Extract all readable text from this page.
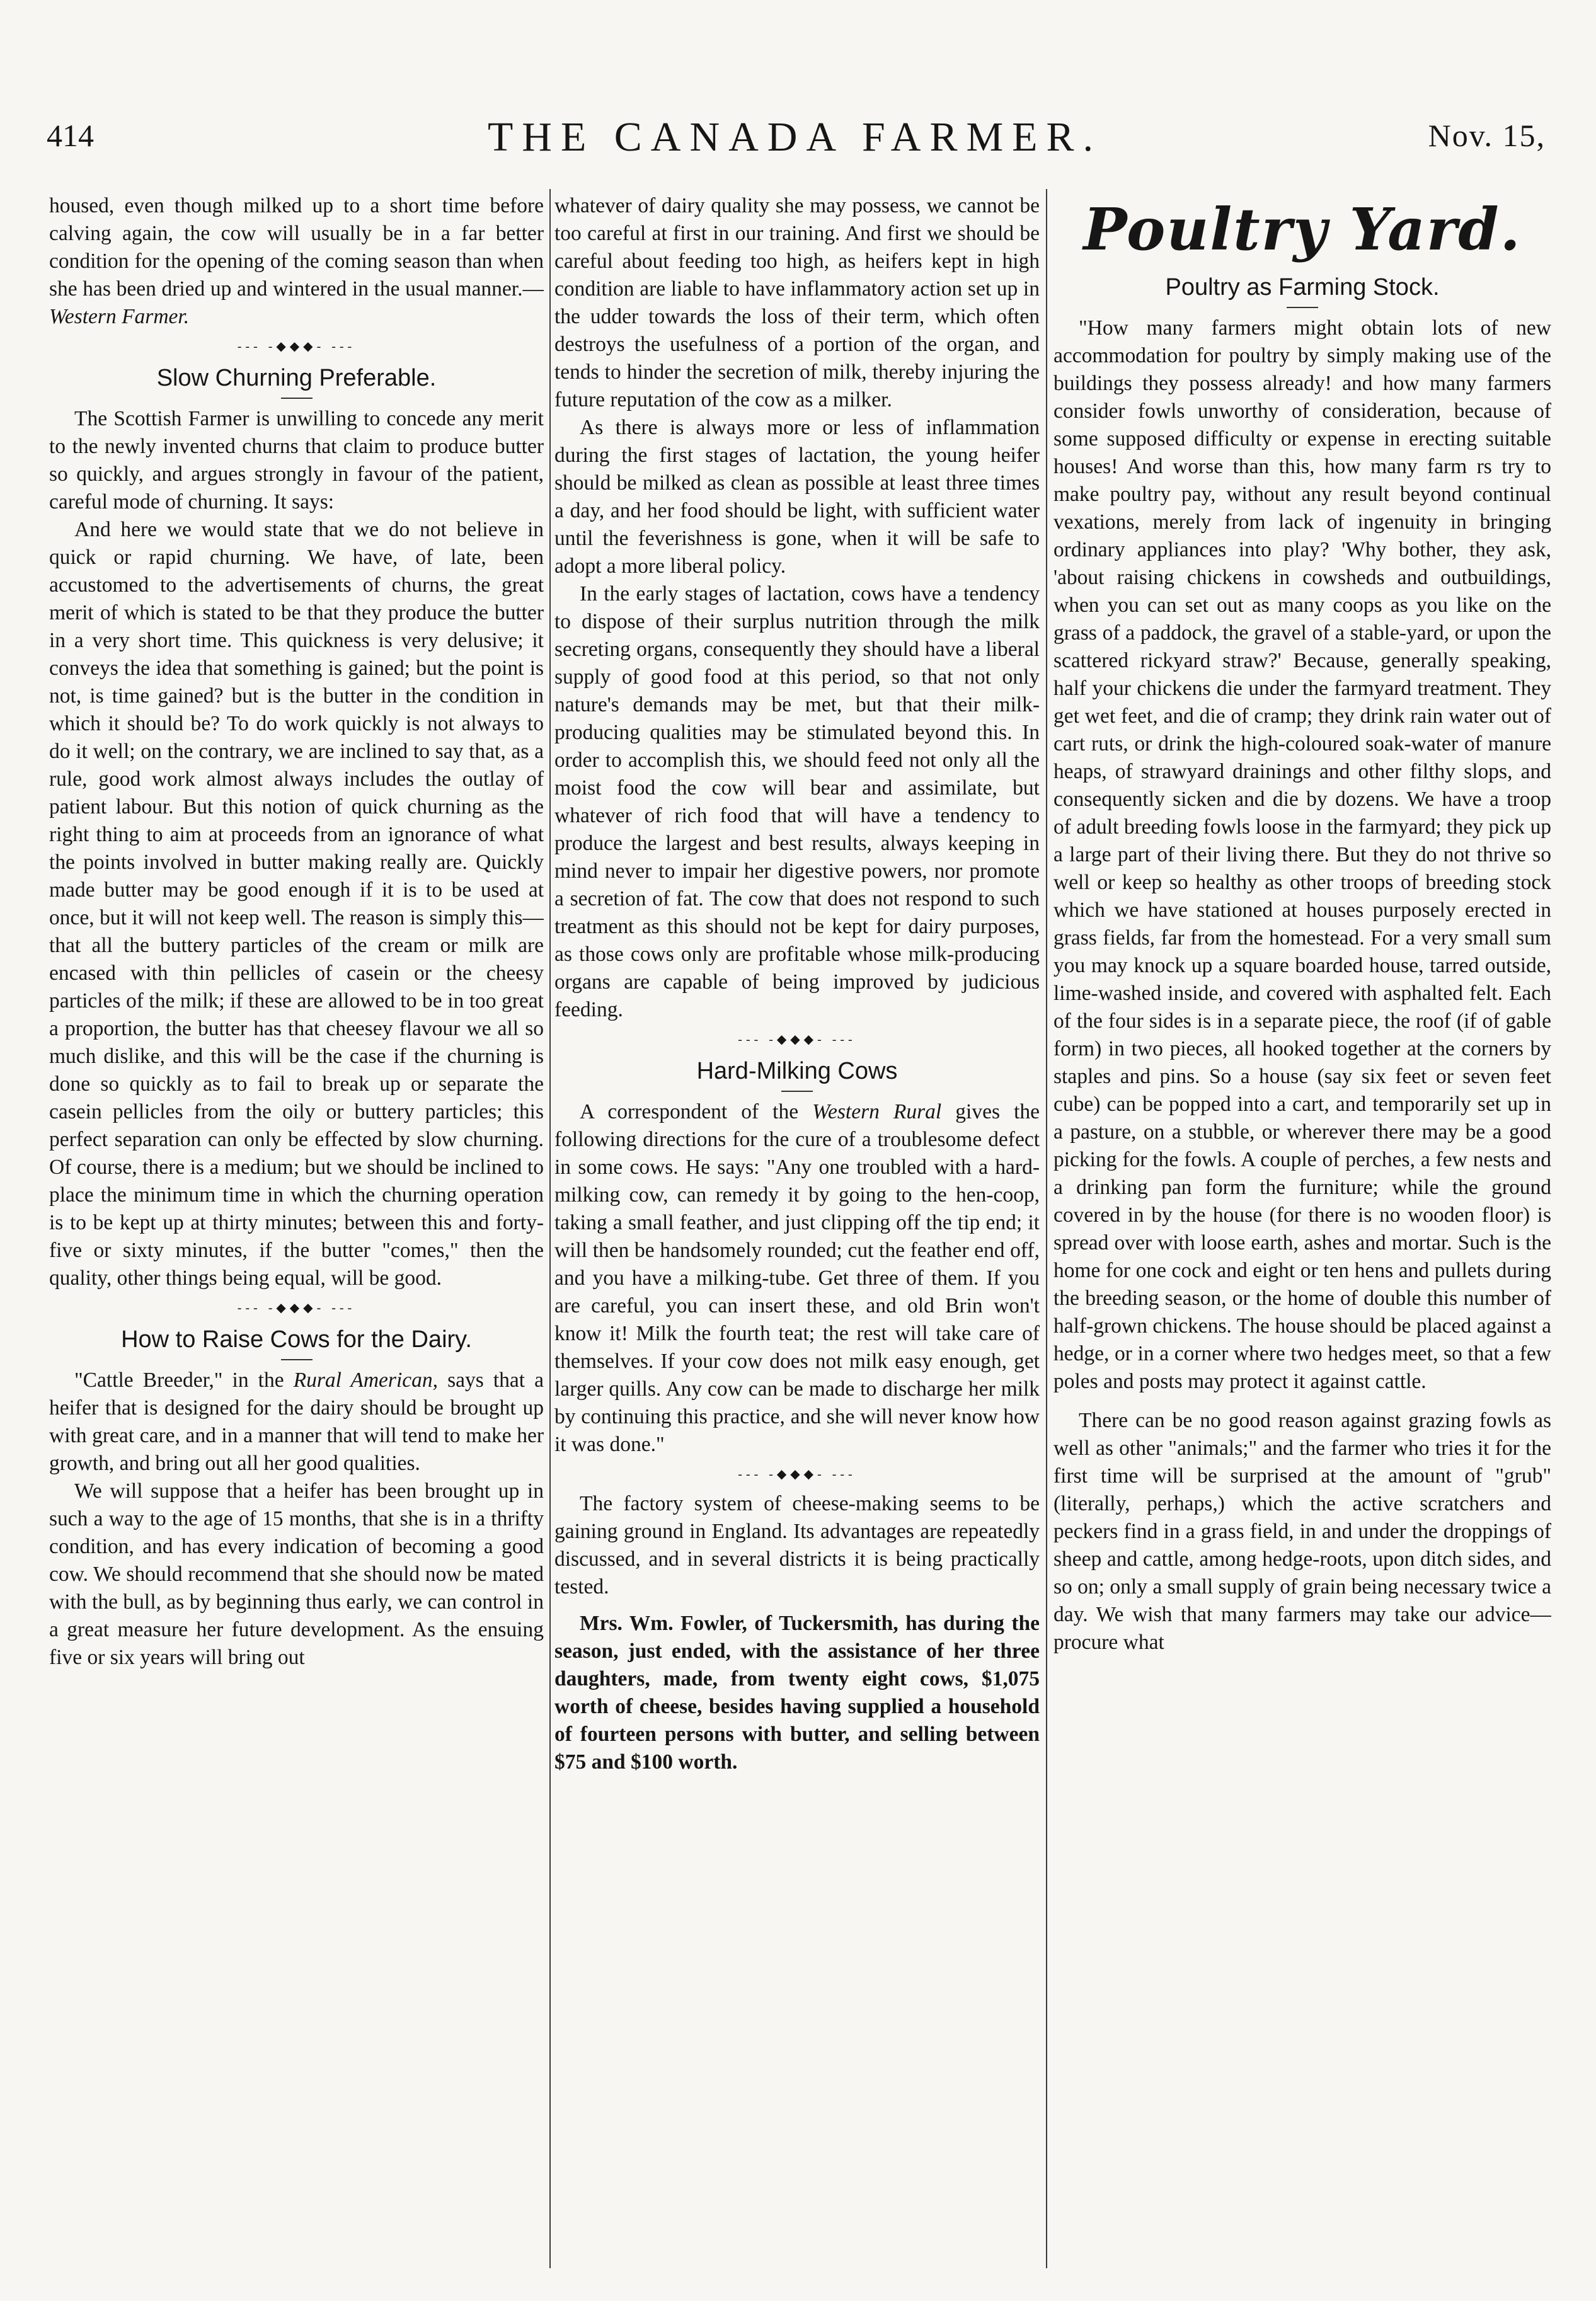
414	THE CANADA FARMER.	Nov. 15,

housed, even though milked up to a short time before calving again, the cow will usually be in a far better condition for the opening of the coming season than when she has been dried up and wintered in the usual manner.—Western Farmer.

--- -◆◆◆- ---
Slow Churning Preferable.

The Scottish Farmer is unwilling to concede any merit to the newly invented churns that claim to produce butter so quickly, and argues strongly in favour of the patient, careful mode of churning. It says:

And here we would state that we do not believe in quick or rapid churning. We have, of late, been accustomed to the advertisements of churns, the great merit of which is stated to be that they produce the butter in a very short time. This quickness is very delusive; it conveys the idea that something is gained; but the point is not, is time gained? but is the butter in the condition in which it should be? To do work quickly is not always to do it well; on the contrary, we are inclined to say that, as a rule, good work almost always includes the outlay of patient labour. But this notion of quick churning as the right thing to aim at proceeds from an ignorance of what the points involved in butter making really are. Quickly made butter may be good enough if it is to be used at once, but it will not keep well. The reason is simply this—that all the buttery particles of the cream or milk are encased with thin pellicles of casein or the cheesy particles of the milk; if these are allowed to be in too great a proportion, the butter has that cheesey flavour we all so much dislike, and this will be the case if the churning is done so quickly as to fail to break up or separate the casein pellicles from the oily or buttery particles; this perfect separation can only be effected by slow churning. Of course, there is a medium; but we should be inclined to place the minimum time in which the churning operation is to be kept up at thirty minutes; between this and forty-five or sixty minutes, if the butter "comes," then the quality, other things being equal, will be good.

--- -◆◆◆- ---
How to Raise Cows for the Dairy.

"Cattle Breeder," in the Rural American, says that a heifer that is designed for the dairy should be brought up with great care, and in a manner that will tend to make her growth, and bring out all her good qualities.

We will suppose that a heifer has been brought up in such a way to the age of 15 months, that she is in a thrifty condition, and has every indication of becoming a good cow. We should recommend that she should now be mated with the bull, as by beginning thus early, we can control in a great measure her future development. As the ensuing five or six years will bring out

whatever of dairy quality she may possess, we cannot be too careful at first in our training. And first we should be careful about feeding too high, as heifers kept in high condition are liable to have inflammatory action set up in the udder towards the loss of their term, which often destroys the usefulness of a portion of the organ, and tends to hinder the secretion of milk, thereby injuring the future reputation of the cow as a milker.

As there is always more or less of inflammation during the first stages of lactation, the young heifer should be milked as clean as possible at least three times a day, and her food should be light, with sufficient water until the feverishness is gone, when it will be safe to adopt a more liberal policy.

In the early stages of lactation, cows have a tendency to dispose of their surplus nutrition through the milk secreting organs, consequently they should have a liberal supply of good food at this period, so that not only nature's demands may be met, but that their milk-producing qualities may be stimulated beyond this. In order to accomplish this, we should feed not only all the moist food the cow will bear and assimilate, but whatever of rich food that will have a tendency to produce the largest and best results, always keeping in mind never to impair her digestive powers, nor promote a secretion of fat. The cow that does not respond to such treatment as this should not be kept for dairy purposes, as those cows only are profitable whose milk-producing organs are capable of being improved by judicious feeding.

--- -◆◆◆- ---
Hard-Milking Cows

A correspondent of the Western Rural gives the following directions for the cure of a troublesome defect in some cows. He says: "Any one troubled with a hard-milking cow, can remedy it by going to the hen-coop, taking a small feather, and just clipping off the tip end; it will then be handsomely rounded; cut the feather end off, and you have a milking-tube. Get three of them. If you are careful, you can insert these, and old Brin won't know it! Milk the fourth teat; the rest will take care of themselves. If your cow does not milk easy enough, get larger quills. Any cow can be made to discharge her milk by continuing this practice, and she will never know how it was done."

--- -◆◆◆- ---

The factory system of cheese-making seems to be gaining ground in England. Its advantages are repeatedly discussed, and in several districts it is being practically tested.

Mrs. Wm. Fowler, of Tuckersmith, has during the season, just ended, with the assistance of her three daughters, made, from twenty eight cows, $1,075 worth of cheese, besides having supplied a household of fourteen persons with butter, and selling between $75 and $100 worth.

Poultry Yard.
Poultry as Farming Stock.

"How many farmers might obtain lots of new accommodation for poultry by simply making use of the buildings they possess already! and how many farmers consider fowls unworthy of consideration, because of some supposed difficulty or expense in erecting suitable houses! And worse than this, how many farm rs try to make poultry pay, without any result beyond continual vexations, merely from lack of ingenuity in bringing ordinary appliances into play? 'Why bother, they ask, 'about raising chickens in cowsheds and outbuildings, when you can set out as many coops as you like on the grass of a paddock, the gravel of a stable-yard, or upon the scattered rickyard straw?' Because, generally speaking, half your chickens die under the farmyard treatment. They get wet feet, and die of cramp; they drink rain water out of cart ruts, or drink the high-coloured soak-water of manure heaps, of strawyard drainings and other filthy slops, and consequently sicken and die by dozens. We have a troop of adult breeding fowls loose in the farmyard; they pick up a large part of their living there. But they do not thrive so well or keep so healthy as other troops of breeding stock which we have stationed at houses purposely erected in grass fields, far from the homestead. For a very small sum you may knock up a square boarded house, tarred outside, lime-washed inside, and covered with asphalted felt. Each of the four sides is in a separate piece, the roof (if of gable form) in two pieces, all hooked together at the corners by staples and pins. So a house (say six feet or seven feet cube) can be popped into a cart, and temporarily set up in a pasture, on a stubble, or wherever there may be a good picking for the fowls. A couple of perches, a few nests and a drinking pan form the furniture; while the ground covered in by the house (for there is no wooden floor) is spread over with loose earth, ashes and mortar. Such is the home for one cock and eight or ten hens and pullets during the breeding season, or the home of double this number of half-grown chickens. The house should be placed against a hedge, or in a corner where two hedges meet, so that a few poles and posts may protect it against cattle.

There can be no good reason against grazing fowls as well as other "animals;" and the farmer who tries it for the first time will be surprised at the amount of "grub" (literally, perhaps,) which the active scratchers and peckers find in a grass field, in and under the droppings of sheep and cattle, among hedge-roots, upon ditch sides, and so on; only a small supply of grain being necessary twice a day. We wish that many farmers may take our advice—procure what
